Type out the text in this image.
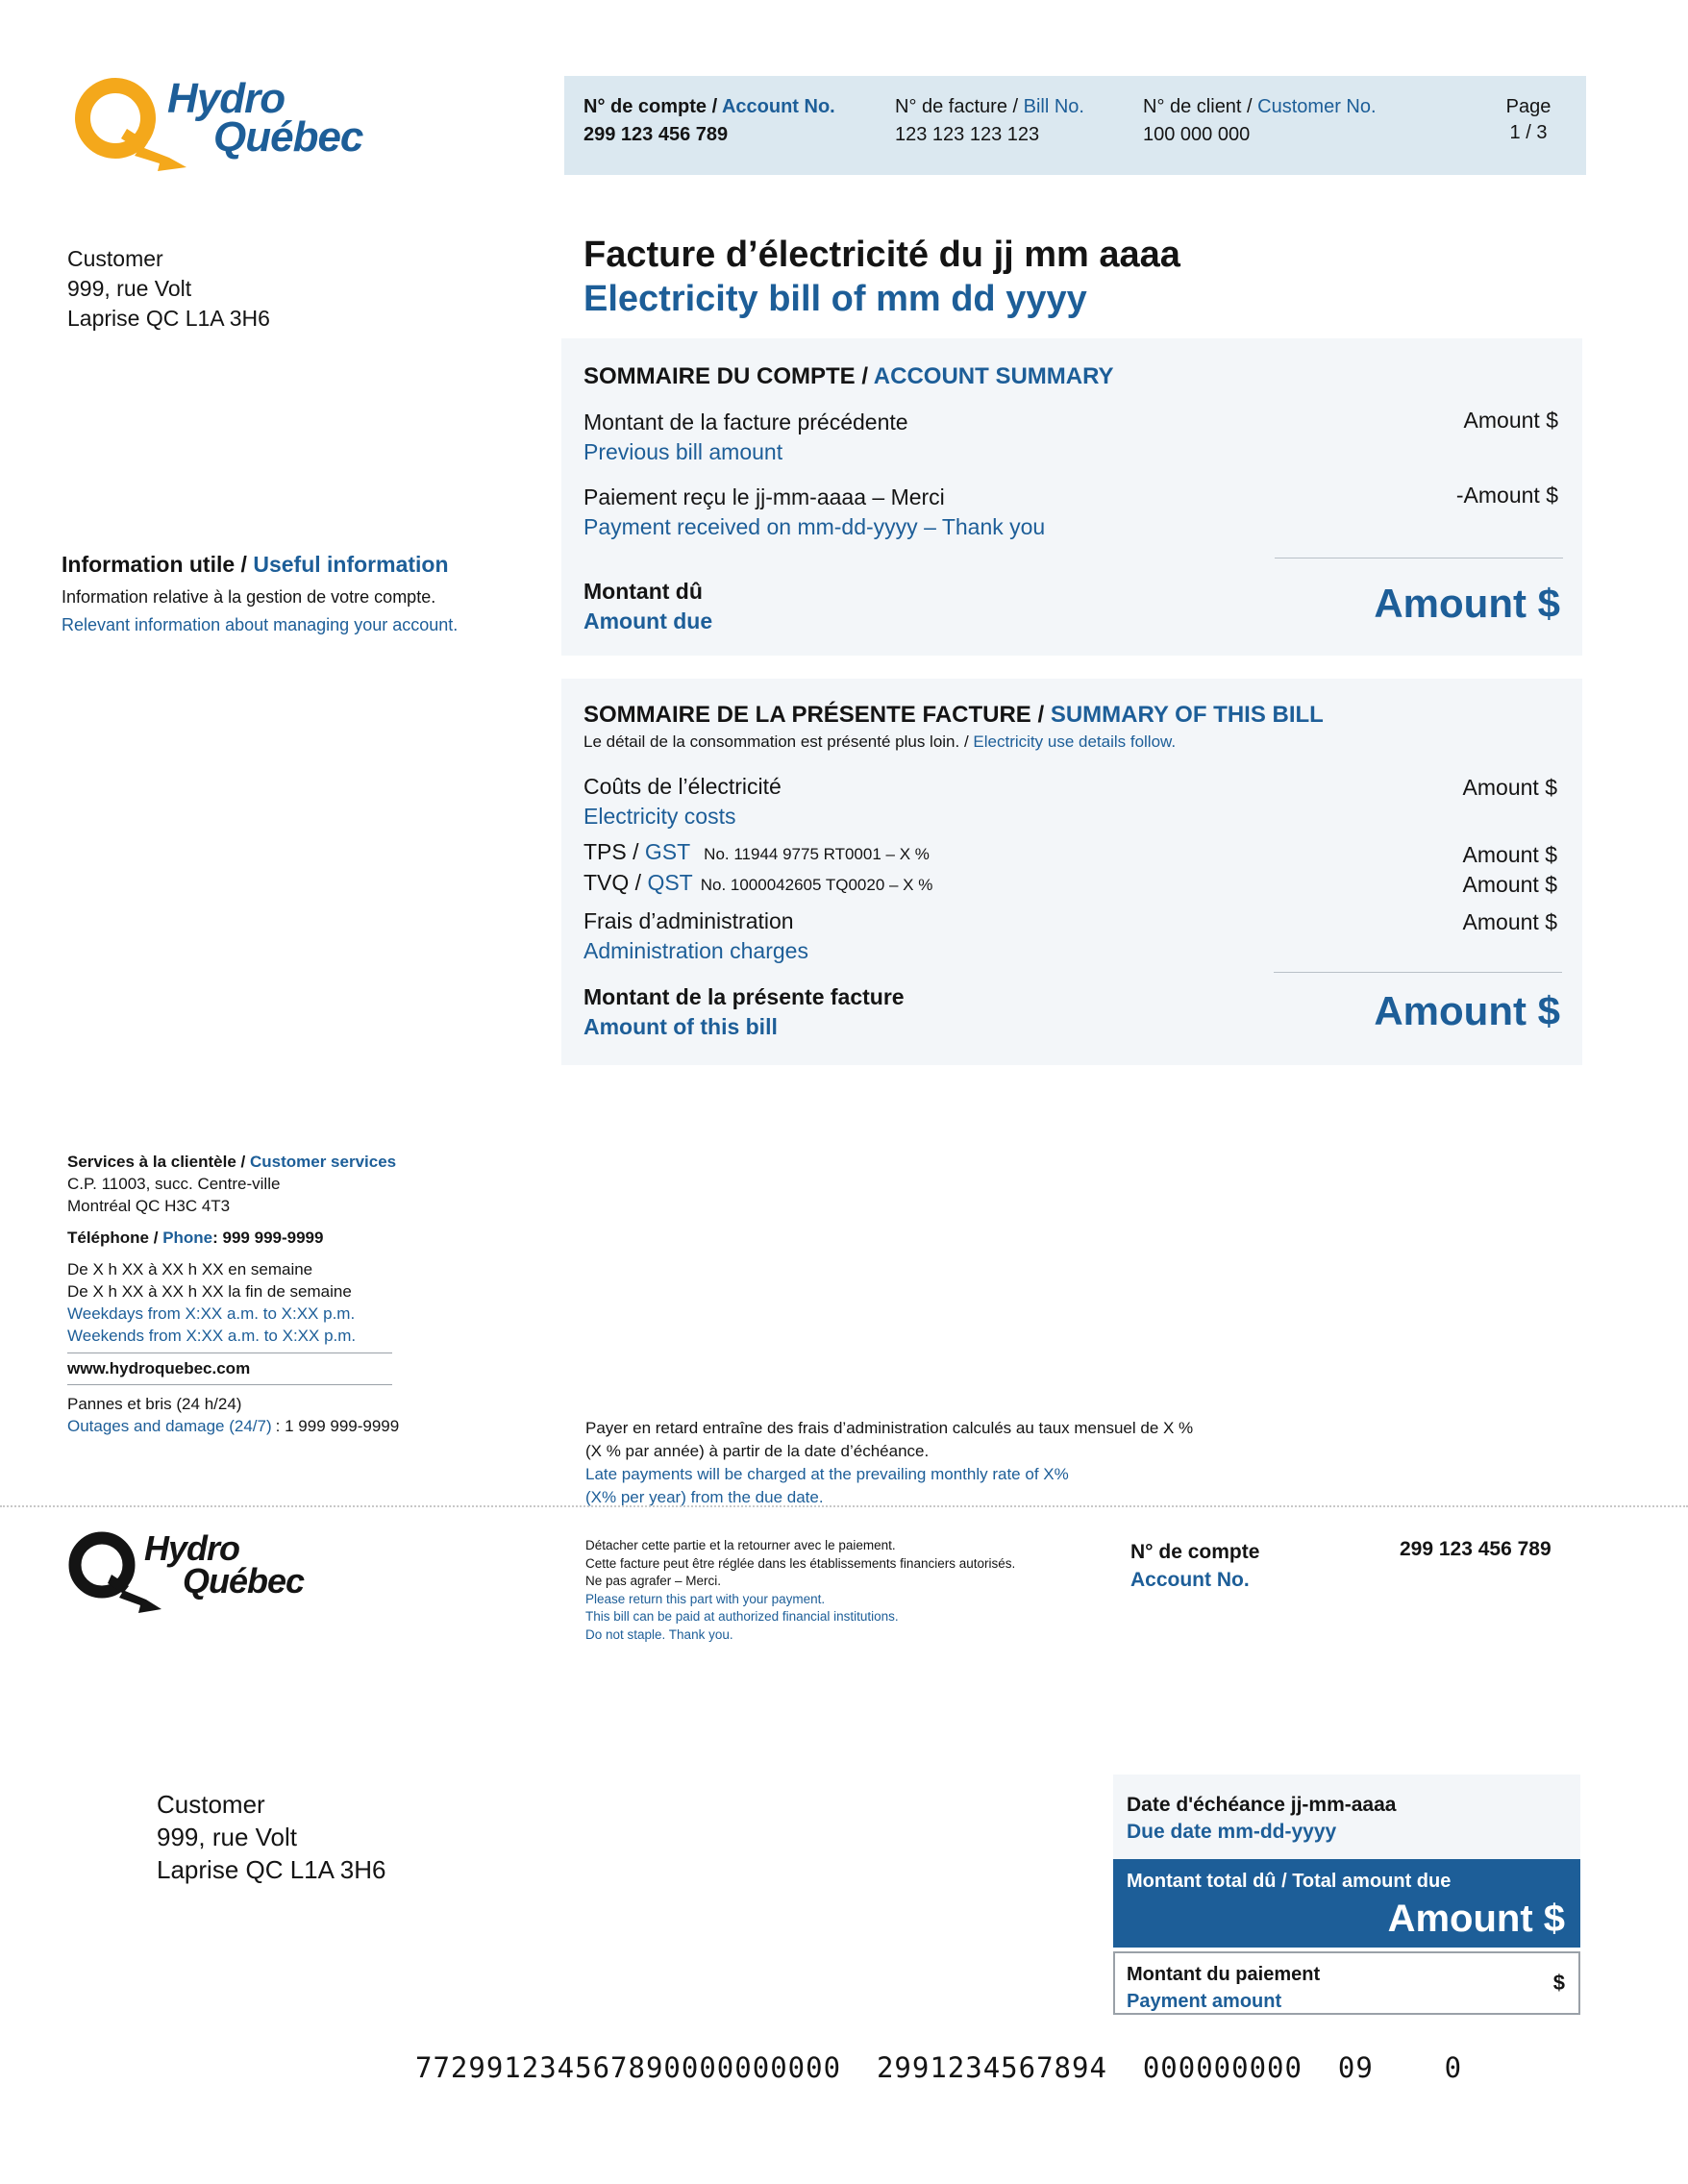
Hydro
Québec
N° de compte / Account No.
299 123 456 789
N° de facture / Bill No.
123 123 123 123
N° de client / Customer No.
100 000 000
Page
1 / 3
Customer
999, rue Volt
Laprise QC L1A 3H6
Facture d’électricité du jj mm aaaa
Electricity bill of mm dd yyyy
Information utile / Useful information
Information relative à la gestion de votre compte.
Relevant information about managing your account.
SOMMAIRE DU COMPTE / ACCOUNT SUMMARY
Montant de la facture précédente
Previous bill amount
Amount $
Paiement reçu le jj-mm-aaaa – Merci
Payment received on mm-dd-yyyy – Thank you
-Amount $
Montant dû
Amount due	Amount $
SOMMAIRE DE LA PRÉSENTE FACTURE / SUMMARY OF THIS BILL
Le détail de la consommation est présenté plus loin. / Electricity use details follow.
Coûts de l’électricité
Electricity costs
Amount $
TPS / GST No. 11944 9775 RT0001 – X %	Amount $
TVQ / QST No. 1000042605 TQ0020 – X %	Amount $
Frais d’administration
Administration charges
Amount $
Montant de la présente facture
Amount of this bill	Amount $
Services à la clientèle / Customer services
C.P. 11003, succ. Centre-ville
Montréal QC H3C 4T3
Téléphone / Phone: 999 999-9999
De X h XX à XX h XX en semaine
De X h XX à XX h XX la fin de semaine
Weekdays from X:XX a.m. to X:XX p.m.
Weekends from X:XX a.m. to X:XX p.m.
www.hydroquebec.com
Pannes et bris (24 h/24)
Outages and damage (24/7) : 1 999 999-9999	Payer en retard entraîne des frais d’administration calculés au taux mensuel de X %
(X % par année) à partir de la date d’échéance.
Late payments will be charged at the prevailing monthly rate of X%
(X% per year) from the due date.
Hydro
Québec
Détacher cette partie et la retourner avec le paiement.
Cette facture peut être réglée dans les établissements financiers autorisés.
Ne pas agrafer – Merci.
Please return this part with your payment.
This bill can be paid at authorized financial institutions.
Do not staple. Thank you.
N° de compte
Account No.
299 123 456 789
Customer
999, rue Volt
Laprise QC L1A 3H6
Date d'échéance jj-mm-aaaa
Due date mm-dd-yyyy
Montant total dû / Total amount due
Amount $
Montant du paiement
Payment amount
$
772991234567890000000000  2991234567894  000000000  09    0
